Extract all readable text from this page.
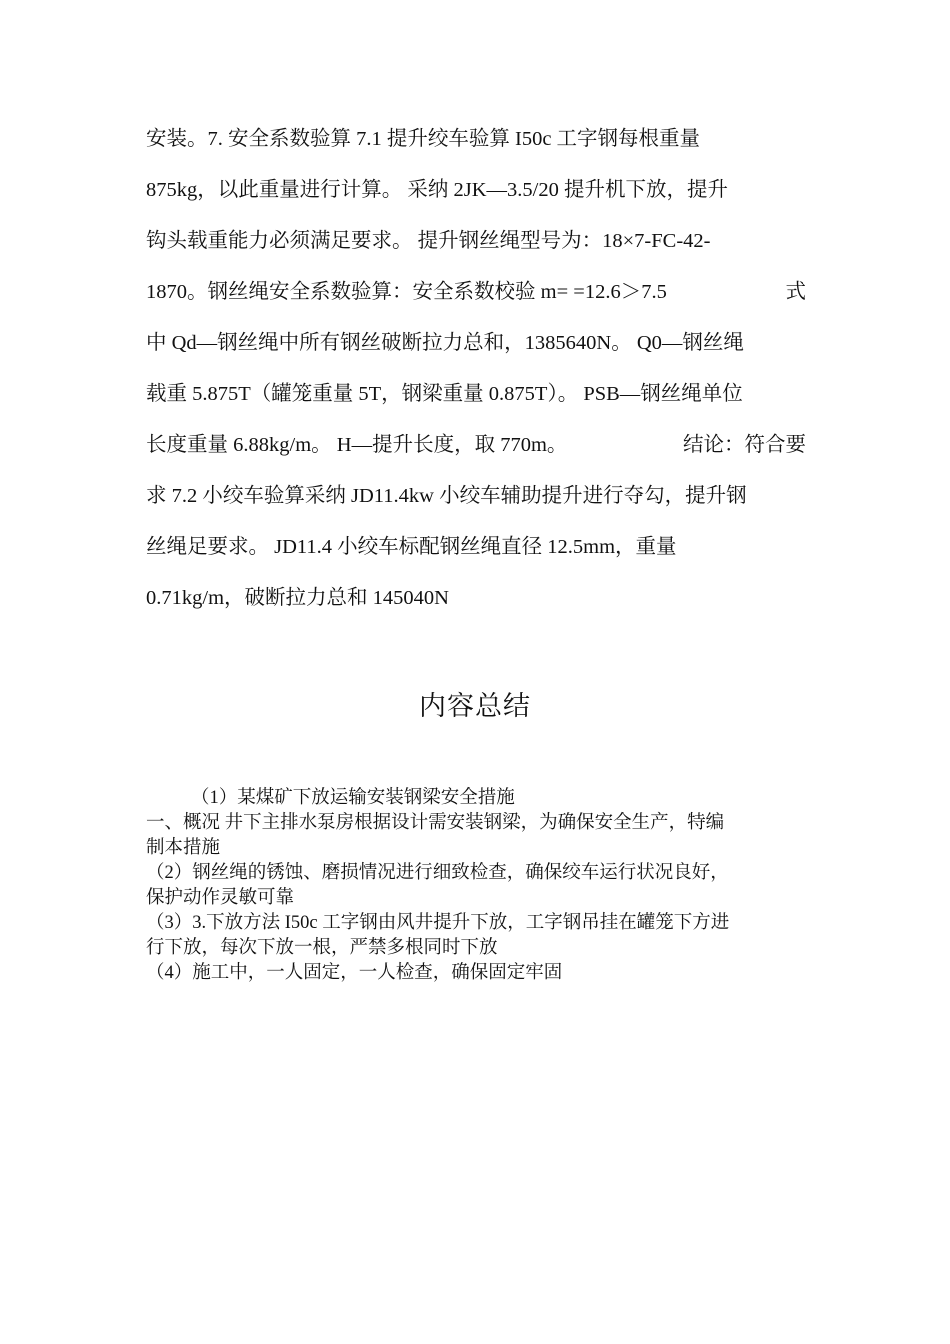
安装。7. 安全系数验算 7.1 提升绞车验算 I50c 工字钢每根重量
875kg，以此重量进行计算。 采纳 2JK—3.5/20 提升机下放，提升
钩头载重能力必须满足要求。 提升钢丝绳型号为：18×7-FC-42-
1870。钢丝绳安全系数验算：安全系数校验 m= =12.6＞7.5	式
中 Qd—钢丝绳中所有钢丝破断拉力总和，1385640N。 Q0—钢丝绳
载重 5.875T（罐笼重量 5T，钢梁重量 0.875T）。 PSB—钢丝绳单位
长度重量 6.88kg/m。 H—提升长度，取 770m。	结论：符合要
求 7.2 小绞车验算采纳 JD11.4kw 小绞车辅助提升进行夺勾，提升钢
丝绳足要求。 JD11.4 小绞车标配钢丝绳直径 12.5mm，重量
0.71kg/m，破断拉力总和 145040N
内容总结
（1）某煤矿下放运输安装钢梁安全措施
一、概况 井下主排水泵房根据设计需安装钢梁，为确保安全生产，特编
制本措施
（2）钢丝绳的锈蚀、磨损情况进行细致检查，确保绞车运行状况良好，
保护动作灵敏可靠
（3）3.下放方法 I50c 工字钢由风井提升下放，工字钢吊挂在罐笼下方进
行下放，每次下放一根，严禁多根同时下放
（4）施工中，一人固定，一人检查，确保固定牢固
